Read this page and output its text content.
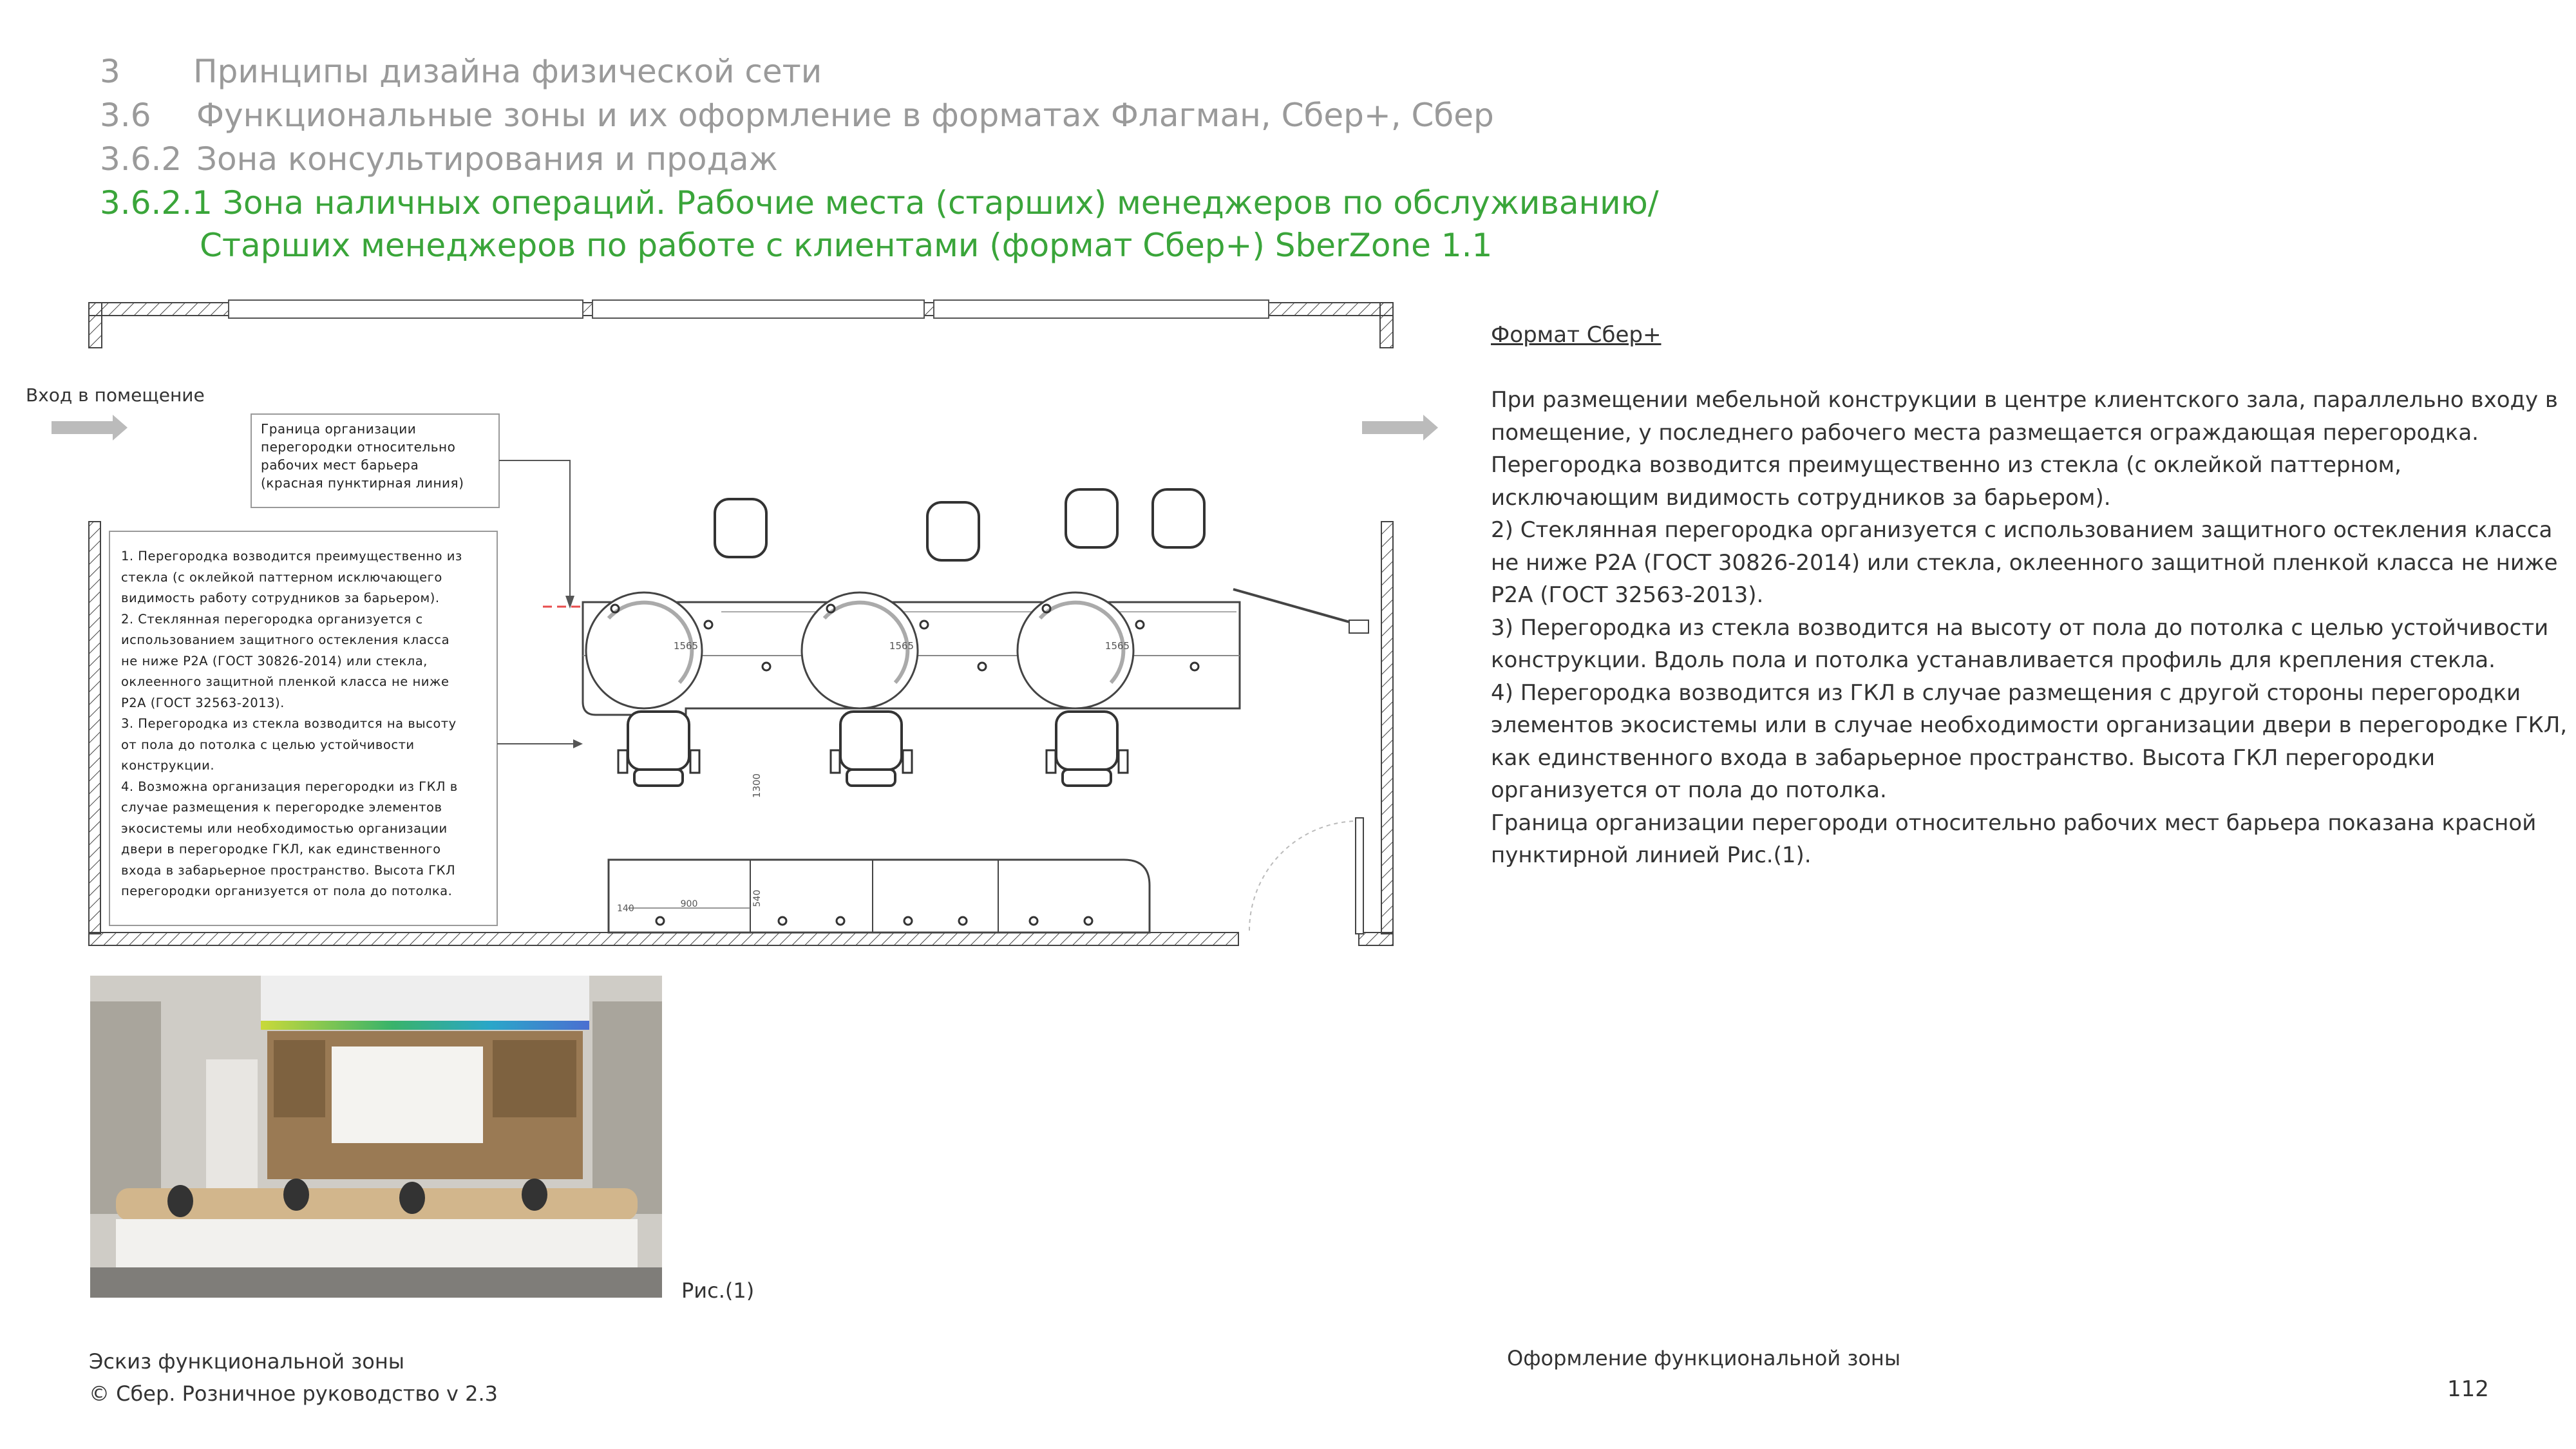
3 Принципы дизайна физической сети
3.6 Функциональные зоны и их оформление в форматах Флагман, Сбер+, Сбер
3.6.2 Зона консультирования и продаж
3.6.2.1 Зона наличных операций. Рабочие места (старших) менеджеров по обслуживанию/
Старших менеджеров по работе с клиентами (формат Сбер+) SberZone 1.1
1565	1565	1565
1300
140	900	540
Вход в помещение

Граница организации

перегородки относительно

рабочих мест барьера

(красная пунктирная линия)

1. Перегородка возводится преимущественно из

стекла (с оклейкой паттерном исключающего

видимость работу сотрудников за барьером).

2. Стеклянная перегородка организуется с

использованием защитного остекления класса

не ниже Р2А (ГОСТ 30826-2014) или стекла,

оклеенного защитной пленкой класса не ниже

Р2А (ГОСТ 32563-2013).

3. Перегородка из стекла возводится на высоту

от пола до потолка с целью устойчивости

конструкции.

4. Возможна организация перегородки из ГКЛ в

случае размещения к перегородке элементов

экосистемы или необходимостью организации

двери в перегородке ГКЛ, как единственного

входа в забарьерное пространство. Высота ГКЛ

перегородки организуется от пола до потолка.

Рис.(1)
Формат Сбер+

При размещении мебельной конструкции в центре клиентского зала, параллельно входу в помещение, у последнего рабочего места размещается ограждающая перегородка. Перегородка возводится преимущественно из стекла (с оклейкой паттерном, исключающим видимость сотрудников за барьером).

2) Стеклянная перегородка организуется с использованием защитного остекления класса не ниже Р2А (ГОСТ 30826-2014) или стекла, оклеенного защитной пленкой класса не ниже Р2А (ГОСТ 32563-2013).

3) Перегородка из стекла возводится на высоту от пола до потолка с целью устойчивости конструкции. Вдоль пола и потолка устанавливается профиль для крепления стекла.

4) Перегородка возводится из ГКЛ в случае размещения с другой стороны перегородки элементов экосистемы или в случае необходимости организации двери в перегородке ГКЛ, как единственного входа в забарьерное пространство. Высота ГКЛ перегородки организуется от пола до потолка.

Граница организации перегороди относительно рабочих мест барьера показана красной пунктирной линией Рис.(1).

Эскиз функциональной зоны
© Сбер. Розничное руководство v 2.3
Оформление функциональной зоны
112
